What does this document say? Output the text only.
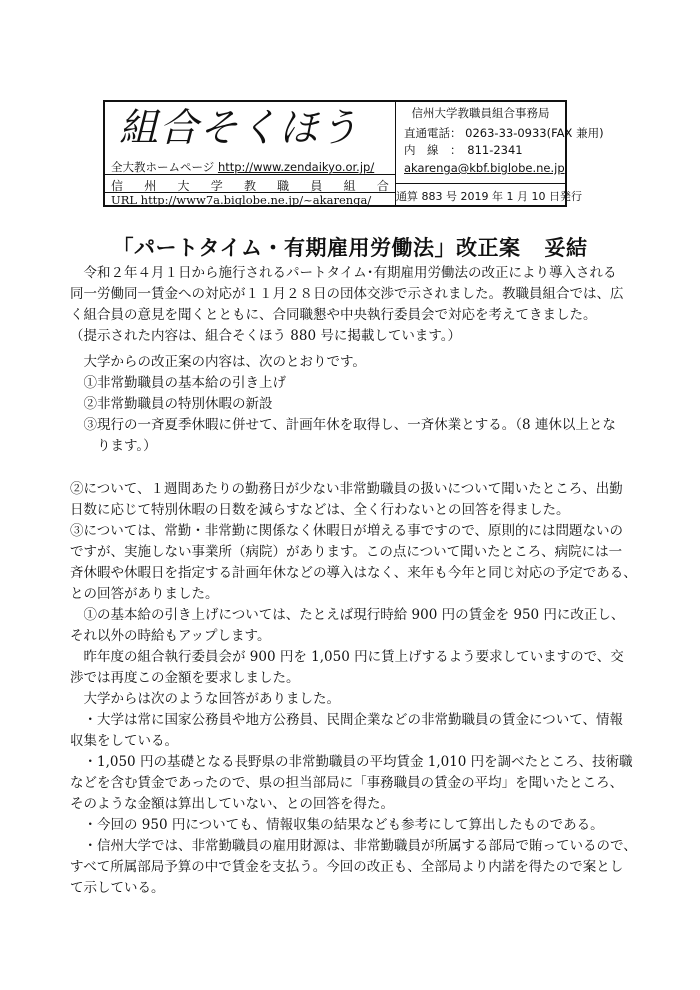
組合そくほう
全大教ホームページ http://www.zendaikyo.or.jp/
信 州 大 学 教 職 員 組 合
URL http://www7a.biglobe.ne.jp/~akarenga/
信州大学教職員組合事務局
直通電話： 0263-33-0933(FAX 兼用)
内　線　：　811-2341
akarenga@kbf.biglobe.ne.jp
通算 883 号 2019 年 1 月 10 日発行
「パートタイム・有期雇用労働法」改正案 妥結
　令和２年４月１日から施行されるパートタイム･有期雇用労働法の改正により導入される
同一労働同一賃金への対応が１１月２８日の団体交渉で示されました。教職員組合では、広
く組合員の意見を聞くとともに、合同職懇や中央執行委員会で対応を考えてきました。
（提示された内容は、組合そくほう 880 号に掲載しています。）
　大学からの改正案の内容は、次のとおりです。
　①非常勤職員の基本給の引き上げ
　②非常勤職員の特別休暇の新設
　③現行の一斉夏季休暇に併せて、計画年休を取得し、一斉休業とする。（8 連休以上とな
　　ります。）
②について、１週間あたりの勤務日が少ない非常勤職員の扱いについて聞いたところ、出勤
日数に応じて特別休暇の日数を減らすなどは、全く行わないとの回答を得ました。
③については、常勤・非常勤に関係なく休暇日が増える事ですので、原則的には問題ないの
ですが、実施しない事業所（病院）があります。この点について聞いたところ、病院には一
斉休暇や休暇日を指定する計画年休などの導入はなく、来年も今年と同じ対応の予定である、
との回答がありました。
　①の基本給の引き上げについては、たとえば現行時給 900 円の賃金を 950 円に改正し、
それ以外の時給もアップします。
　昨年度の組合執行委員会が 900 円を 1,050 円に賃上げするよう要求していますので、交
渉では再度この金額を要求しました。
　大学からは次のような回答がありました。
　・大学は常に国家公務員や地方公務員、民間企業などの非常勤職員の賃金について、情報
収集をしている。
　・1,050 円の基礎となる長野県の非常勤職員の平均賃金 1,010 円を調べたところ、技術職
などを含む賃金であったので、県の担当部局に「事務職員の賃金の平均」を聞いたところ、
そのような金額は算出していない、との回答を得た。
　・今回の 950 円についても、情報収集の結果なども参考にして算出したものである。
　・信州大学では、非常勤職員の雇用財源は、非常勤職員が所属する部局で賄っているので、
すべて所属部局予算の中で賃金を支払う。今回の改正も、全部局より内諾を得たので案とし
て示している。
